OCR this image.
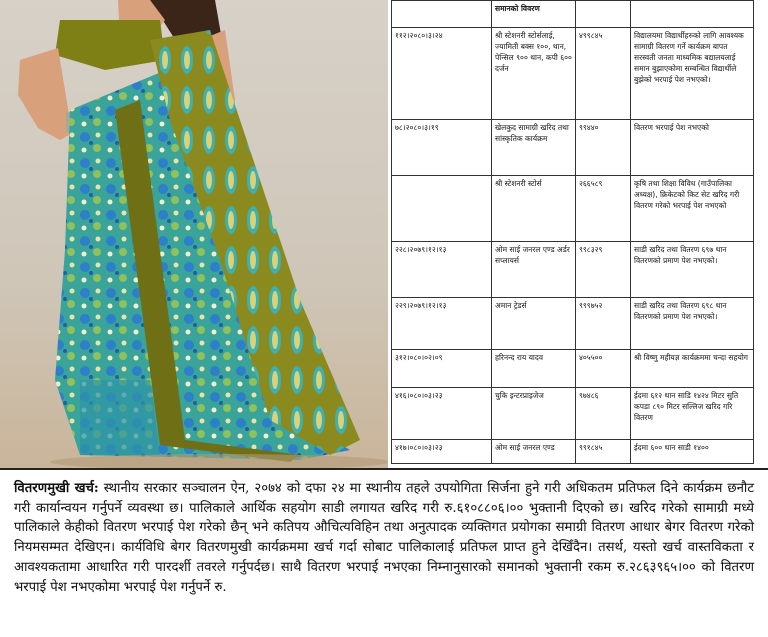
	समानको विवरण		
११२।२०८०।३।२४	श्री स्टेशनरी स्टोर्सलाई, ज्यामिती बक्स १००, थान, पेन्सिल ९०० थान, कपी ६०० दर्जन	४९९८४५	विद्यालयमा विद्यार्थीहरुको लागि आवश्यक सामाग्री वितरण गर्ने कार्यक्रम बापत सरस्वती जनता माध्यमिक बद्यालयलाई समान बुझाएकोमा सम्बन्धित विद्यार्थीले बुझेको भरपाई पेश नभएको।
७८।२०८०।३।१९	खेलकुद सामाग्री खरिद तथा सांस्कृतिक कार्यक्रम	९९४४०	वितरण भरपाई पेश नभएको
	श्री स्टेशनरी स्टोर्स	२६६५८९	कृषि तथा शिक्षा विविध (गाउँपालिका अध्यक्ष), क्रिकेटको किट सेट खरिद गरी वितरण गरेको भरपाई पेश नभएको
२२८।२०७९।१२।१३	ओम साई जनरल एण्ड अर्डर सप्लायर्स	९९८३२९	साडी खरिद तथा वितरण ६९७ थान वितरणको प्रमाण पेश नभएको।
२२९।२०७९।१२।१३	अमान ट्रेडर्स	९९९७५२	साडी खरिद तथा वितरण ६९८ थान वितरणको प्रमाण पेश नभएको।
३१२।०८०।०२।०९	हरिनन्द राय यादव	४०५५००	श्री विष्णु महीयज्ञ कार्यक्रममा चन्दा सहयोग
४१६।०८०।०३।२३	चुकि इन्टरप्राइजेज	९७४८६	ईदमा ६१२ थान साडि १४२४ मिटर सुति कपडा ८९० मिटर सल्लिज खरिद गरि वितरण
४१७।०८०।०३।२३	ओम साई जनरल एण्ड	९९१८४५	ईदमा ६०० थान साडी १४००
वितरणमुखी खर्च: स्थानीय सरकार सञ्चालन ऐन, २०७४ को दफा २४ मा स्थानीय तहले उपयोगिता सिर्जना हुने गरी अधिकतम प्रतिफल दिने कार्यक्रम छनौट गरी कार्यान्वयन गर्नुपर्ने व्यवस्था छ। पालिकाले आर्थिक सहयोग साडी लगायत खरिद गरी रु.६१०८८०६।०० भुक्तानी दिएको छ। खरिद गरेको सामाग्री मध्ये पालिकाले केहीको वितरण भरपाई पेश गरेको छैन् भने कतिपय औचित्यविहिन तथा अनुत्पादक व्यक्तिगत प्रयोगका समाग्री वितरण आधार बेगर वितरण गरेको नियमसम्मत देखिएन। कार्यविधि बेगर वितरणमुखी कार्यक्रममा खर्च गर्दा सोबाट पालिकालाई प्रतिफल प्राप्त हुने देखिँदैन। तसर्थ, यस्तो खर्च वास्तविकता र आवश्यकतामा आधारित गरी पारदर्शी तवरले गर्नुपर्दछ। साथै वितरण भरपाई नभएका निम्नानुसारको समानको भुक्तानी रकम रु.२८६३९६५।०० को वितरण भरपाई पेश नभएकोमा भरपाई पेश गर्नुपर्ने रु.
